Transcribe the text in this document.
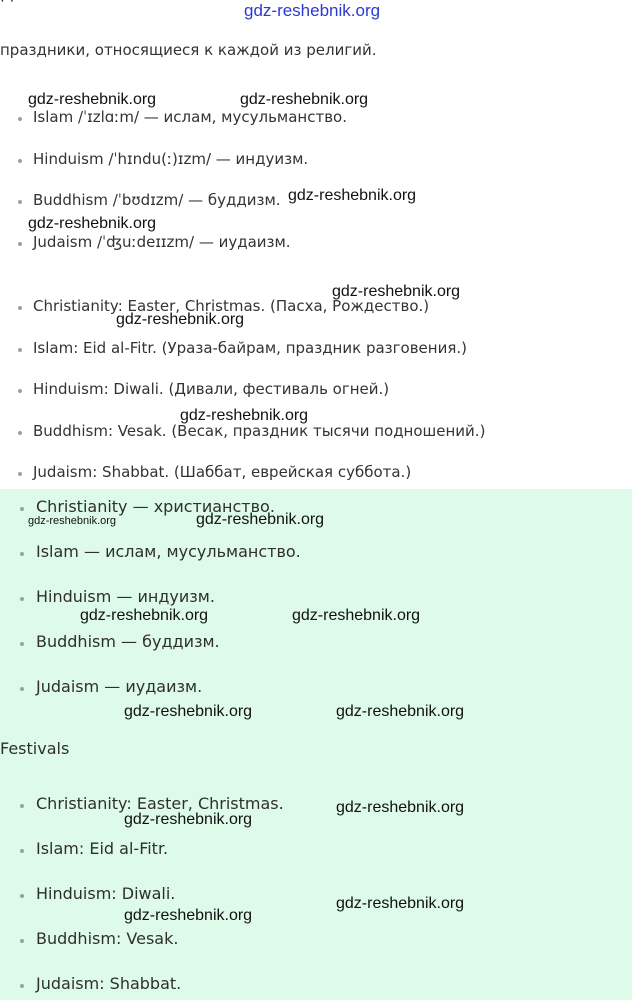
· ·
праздники, относящиеся к каждой из религий.
Islam /ˈɪzlɑːm/ — ислам, мусульманство.
Hinduism /ˈhɪndu(ː)ɪzm/ — индуизм.
Buddhism /ˈbʊdɪzm/ — буддизм.
Judaism /ˈʤuːdeɪɪzm/ — иудаизм.
Christianity: Easter, Christmas. (Пасха, Рождество.)
Islam: Eid al-Fitr. (Ураза-байрам, праздник разговения.)
Hinduism: Diwali. (Дивали, фестиваль огней.)
Buddhism: Vesak. (Весак, праздник тысячи подношений.)
Judaism: Shabbat. (Шаббат, еврейская суббота.)
Christianity — христианство.
Islam — ислам, мусульманство.
Hinduism — индуизм.
Buddhism — буддизм.
Judaism — иудаизм.
Festivals
Christianity: Easter, Christmas.
Islam: Eid al-Fitr.
Hinduism: Diwali.
Buddhism: Vesak.
Judaism: Shabbat.
gdz-reshebnik.org
gdz-reshebnik.org	gdz-reshebnik.org
gdz-reshebnik.org
gdz-reshebnik.org
gdz-reshebnik.org
gdz-reshebnik.org
gdz-reshebnik.org
gdz-reshebnik.org	gdz-reshebnik.org
gdz-reshebnik.org	gdz-reshebnik.org
gdz-reshebnik.org	gdz-reshebnik.org
gdz-reshebnik.org
gdz-reshebnik.org
gdz-reshebnik.org
gdz-reshebnik.org
